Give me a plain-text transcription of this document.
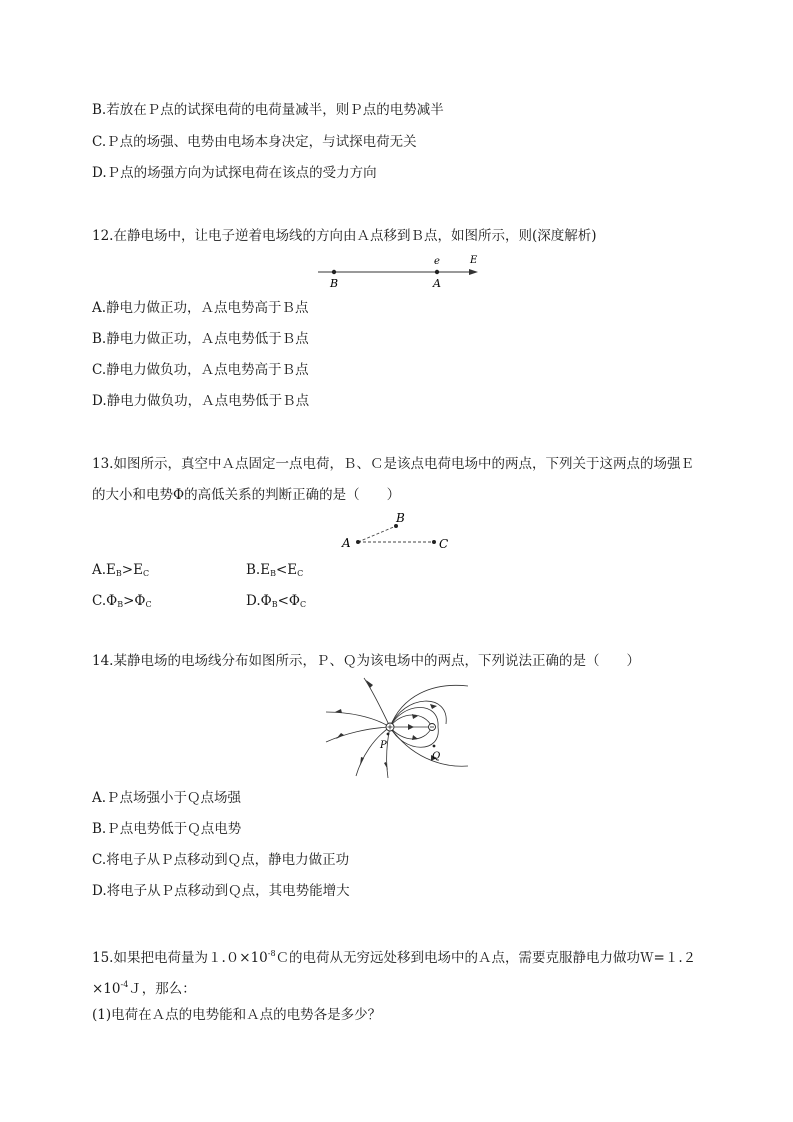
B.若放在Ｐ点的试探电荷的电荷量减半，则Ｐ点的电势减半
C.Ｐ点的场强、电势由电场本身决定，与试探电荷无关
D.Ｐ点的场强方向为试探电荷在该点的受力方向
12.在静电场中，让电子逆着电场线的方向由Ａ点移到Ｂ点，如图所示，则(深度解析)
B	A
e	E
A.静电力做正功，Ａ点电势高于Ｂ点
B.静电力做正功，Ａ点电势低于Ｂ点
C.静电力做负功，Ａ点电势高于Ｂ点
D.静电力做负功，Ａ点电势低于Ｂ点
13.如图所示，真空中Ａ点固定一点电荷，Ｂ、Ｃ是该点电荷电场中的两点，下列关于这两点的场强Ｅ
的大小和电势Φ的高低关系的判断正确的是（　　）
A
B
C
$A.E_B>E_C$	$B.E_B<E_C$
$C.\Phi_B>\Phi_C$	$D.\Phi_B<\Phi_C$
14.某静电场的电场线分布如图所示，Ｐ、Ｑ为该电场中的两点，下列说法正确的是（　　）
P
Q
A.Ｐ点场强小于Ｑ点场强
B.Ｐ点电势低于Ｑ点电势
C.将电子从Ｐ点移动到Ｑ点，静电力做正功
D.将电子从Ｐ点移动到Ｑ点，其电势能增大
15.如果把电荷量为$1.0\times 10^{-8}C$的电荷从无穷远处移到电场中的Ａ点，需要克服静电力做功Ｗ=１.２
$\times 10^{-4}J$，那么：
(1)电荷在Ａ点的电势能和Ａ点的电势各是多少？
